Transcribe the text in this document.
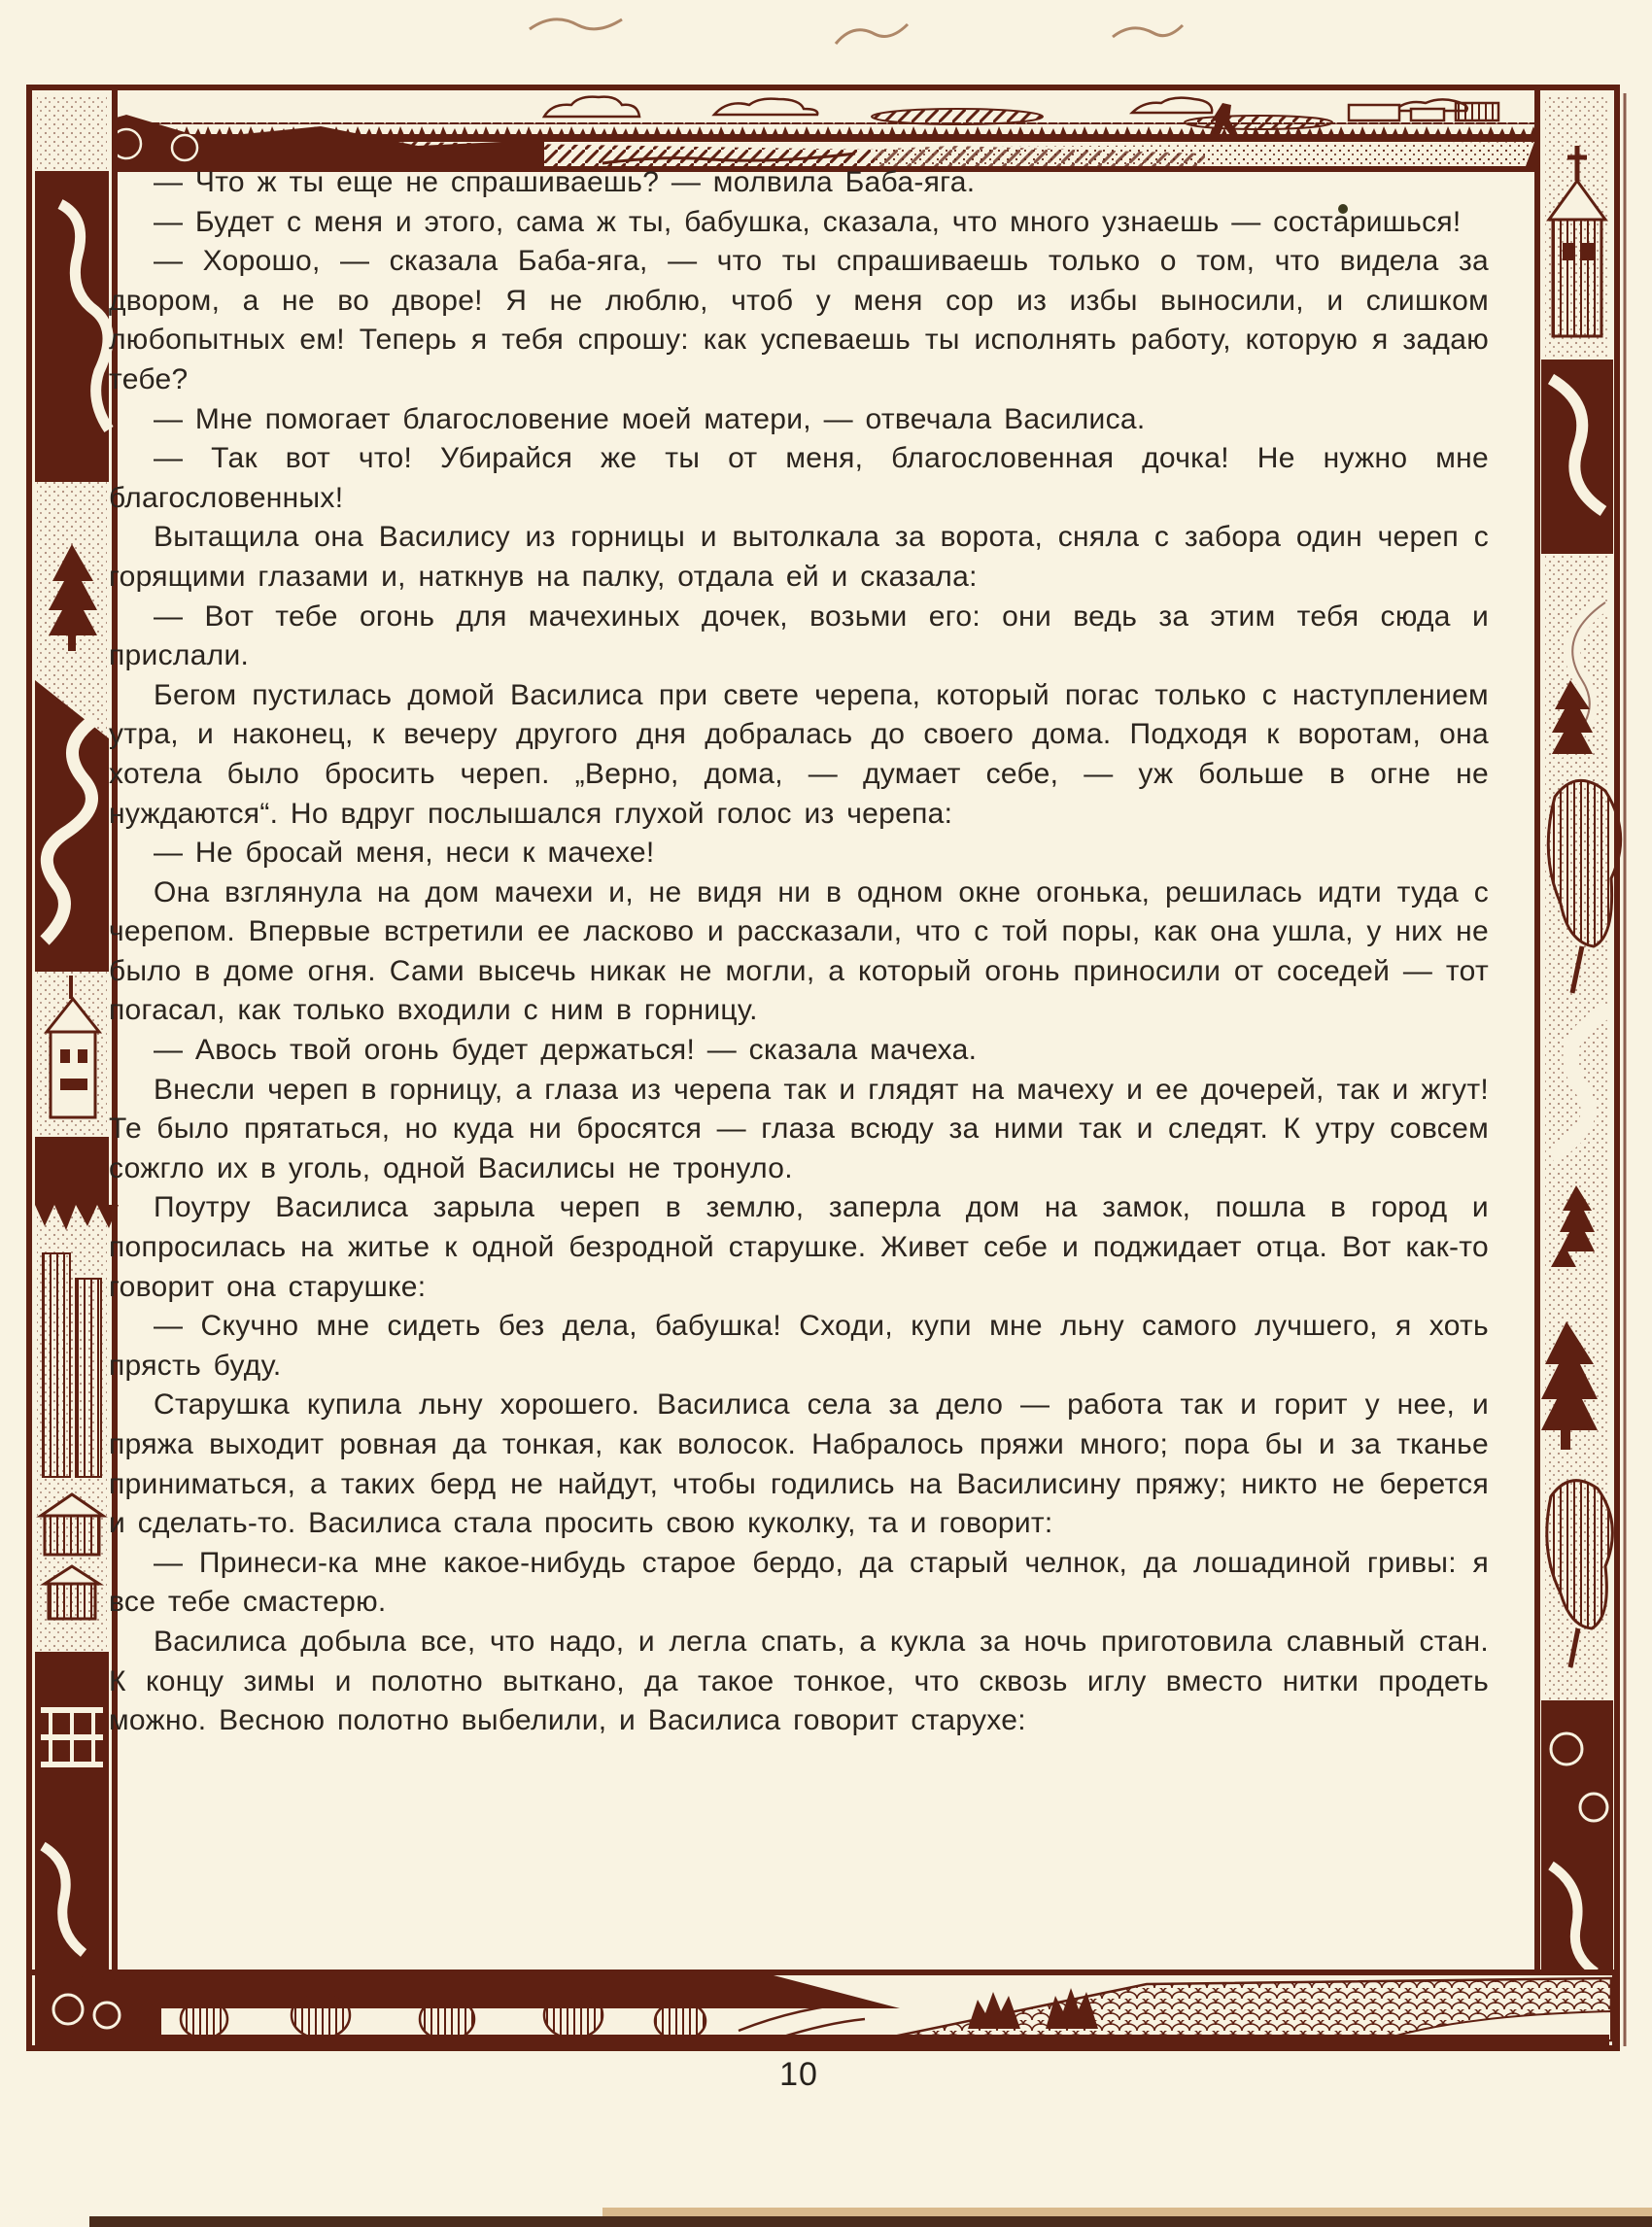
— Что ж ты еще не спрашиваешь? — молвила Баба-яга.

— Будет с меня и этого, сама ж ты, бабушка, сказала, что много узнаешь — состаришься!

— Хорошо, — сказала Баба-яга, — что ты спрашиваешь только о том, что видела за двором, а не во дворе! Я не люблю, чтоб у меня сор из избы выносили, и слишком любопытных ем! Теперь я тебя спрошу: как успеваешь ты исполнять работу, которую я задаю тебе?

— Мне помогает благословение моей матери, — отвечала Василиса.

— Так вот что! Убирайся же ты от меня, благословенная дочка! Не нужно мне благословенных!

Вытащила она Василису из горницы и вытолкала за ворота, сняла с забора один череп с горящими глазами и, наткнув на палку, отдала ей и сказала:

— Вот тебе огонь для мачехиных дочек, возьми его: они ведь за этим тебя сюда и прислали.

Бегом пустилась домой Василиса при свете черепа, который погас только с наступлением утра, и наконец, к вечеру другого дня добралась до своего дома. Подходя к воротам, она хотела было бросить череп. „Верно, дома, — думает себе, — уж больше в огне не нуждаются“. Но вдруг послышался глухой голос из черепа:

— Не бросай меня, неси к мачехе!

Она взглянула на дом мачехи и, не видя ни в одном окне огонька, решилась идти туда с черепом. Впервые встретили ее ласково и рассказали, что с той поры, как она ушла, у них не было в доме огня. Сами высечь никак не могли, а который огонь приносили от соседей — тот погасал, как только входили с ним в горницу.

— Авось твой огонь будет держаться! — сказала мачеха.

Внесли череп в горницу, а глаза из черепа так и глядят на мачеху и ее дочерей, так и жгут! Те было прятаться, но куда ни бросятся — глаза всюду за ними так и следят. К утру совсем сожгло их в уголь, одной Василисы не тронуло.

Поутру Василиса зарыла череп в землю, заперла дом на замок, пошла в город и попросилась на житье к одной безродной старушке. Живет себе и поджидает отца. Вот как-то говорит она старушке:

— Скучно мне сидеть без дела, бабушка! Сходи, купи мне льну самого лучшего, я хоть прясть буду.

Старушка купила льну хорошего. Василиса села за дело — работа так и горит у нее, и пряжа выходит ровная да тонкая, как волосок. Набралось пряжи много; пора бы и за тканье приниматься, а таких берд не найдут, чтобы годились на Василисину пряжу; никто не берется и сделать-то. Василиса стала просить свою куколку, та и говорит:

— Принеси-ка мне какое-нибудь старое бердо, да старый челнок, да лошадиной гривы: я все тебе смастерю.

Василиса добыла все, что надо, и легла спать, а кукла за ночь приготовила славный стан. К концу зимы и полотно выткано, да такое тонкое, что сквозь иглу вместо нитки продеть можно. Весною полотно выбелили, и Василиса говорит старухе:

10
